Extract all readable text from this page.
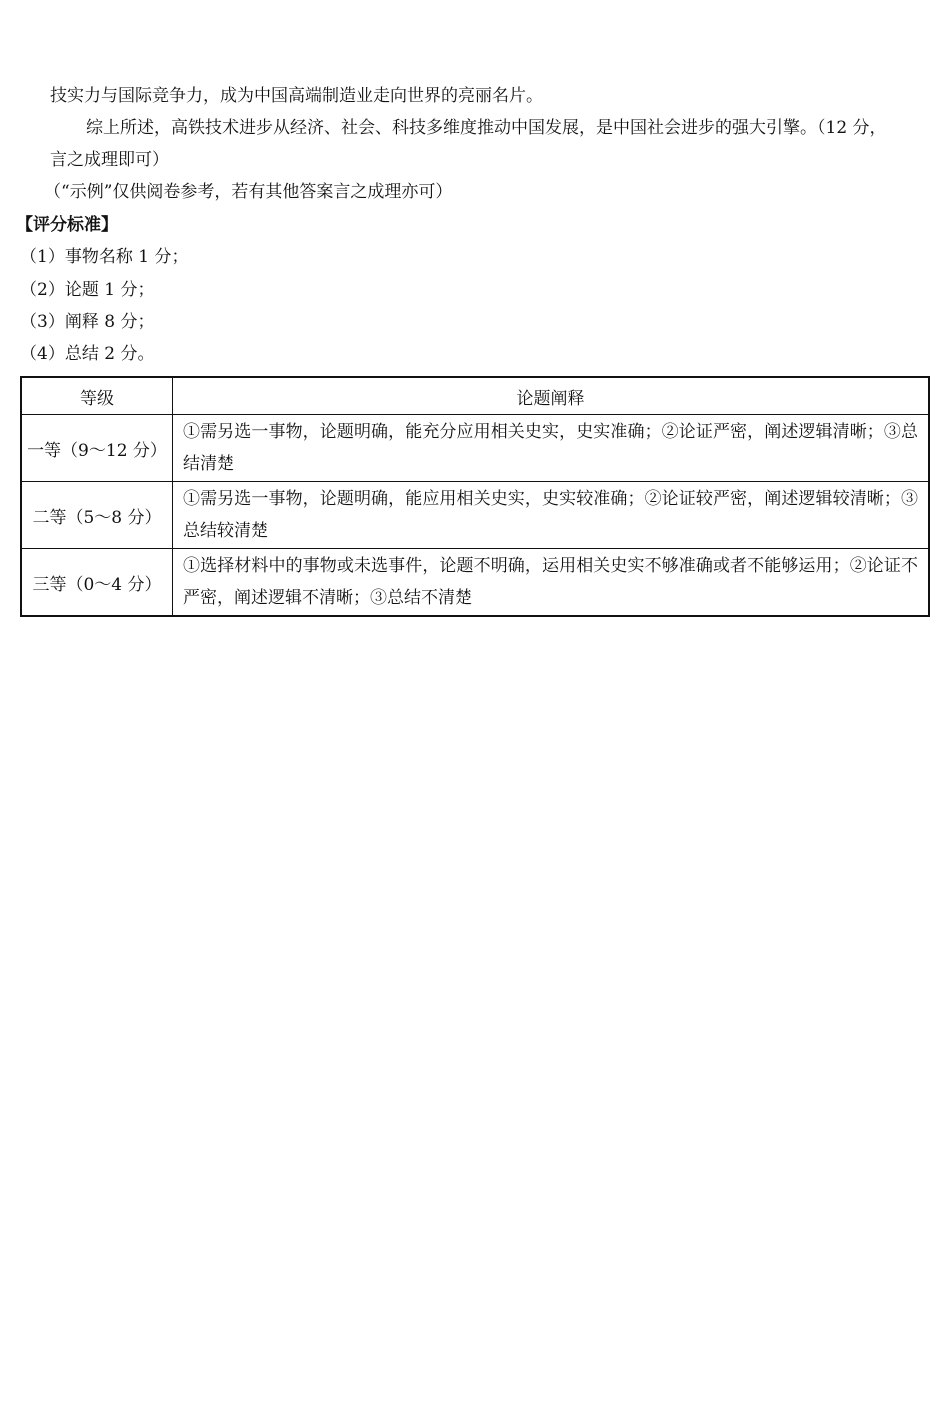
技实力与国际竞争力，成为中国高端制造业走向世界的亮丽名片。
综上所述，高铁技术进步从经济、社会、科技多维度推动中国发展，是中国社会进步的强大引擎。（12 分，
言之成理即可）
（“示例”仅供阅卷参考，若有其他答案言之成理亦可）
【评分标准】
（1）事物名称 1 分；
（2）论题 1 分；
（3）阐释 8 分；
（4）总结 2 分。
等级	论题阐释
一等（9～12 分）	①需另选一事物，论题明确，能充分应用相关史实，史实准确；②论证严密，阐述逻辑清晰；③总结清楚
二等（5～8 分）	①需另选一事物，论题明确，能应用相关史实，史实较准确；②论证较严密，阐述逻辑较清晰；③总结较清楚
三等（0～4 分）	①选择材料中的事物或未选事件，论题不明确，运用相关史实不够准确或者不能够运用；②论证不严密，阐述逻辑不清晰；③总结不清楚
